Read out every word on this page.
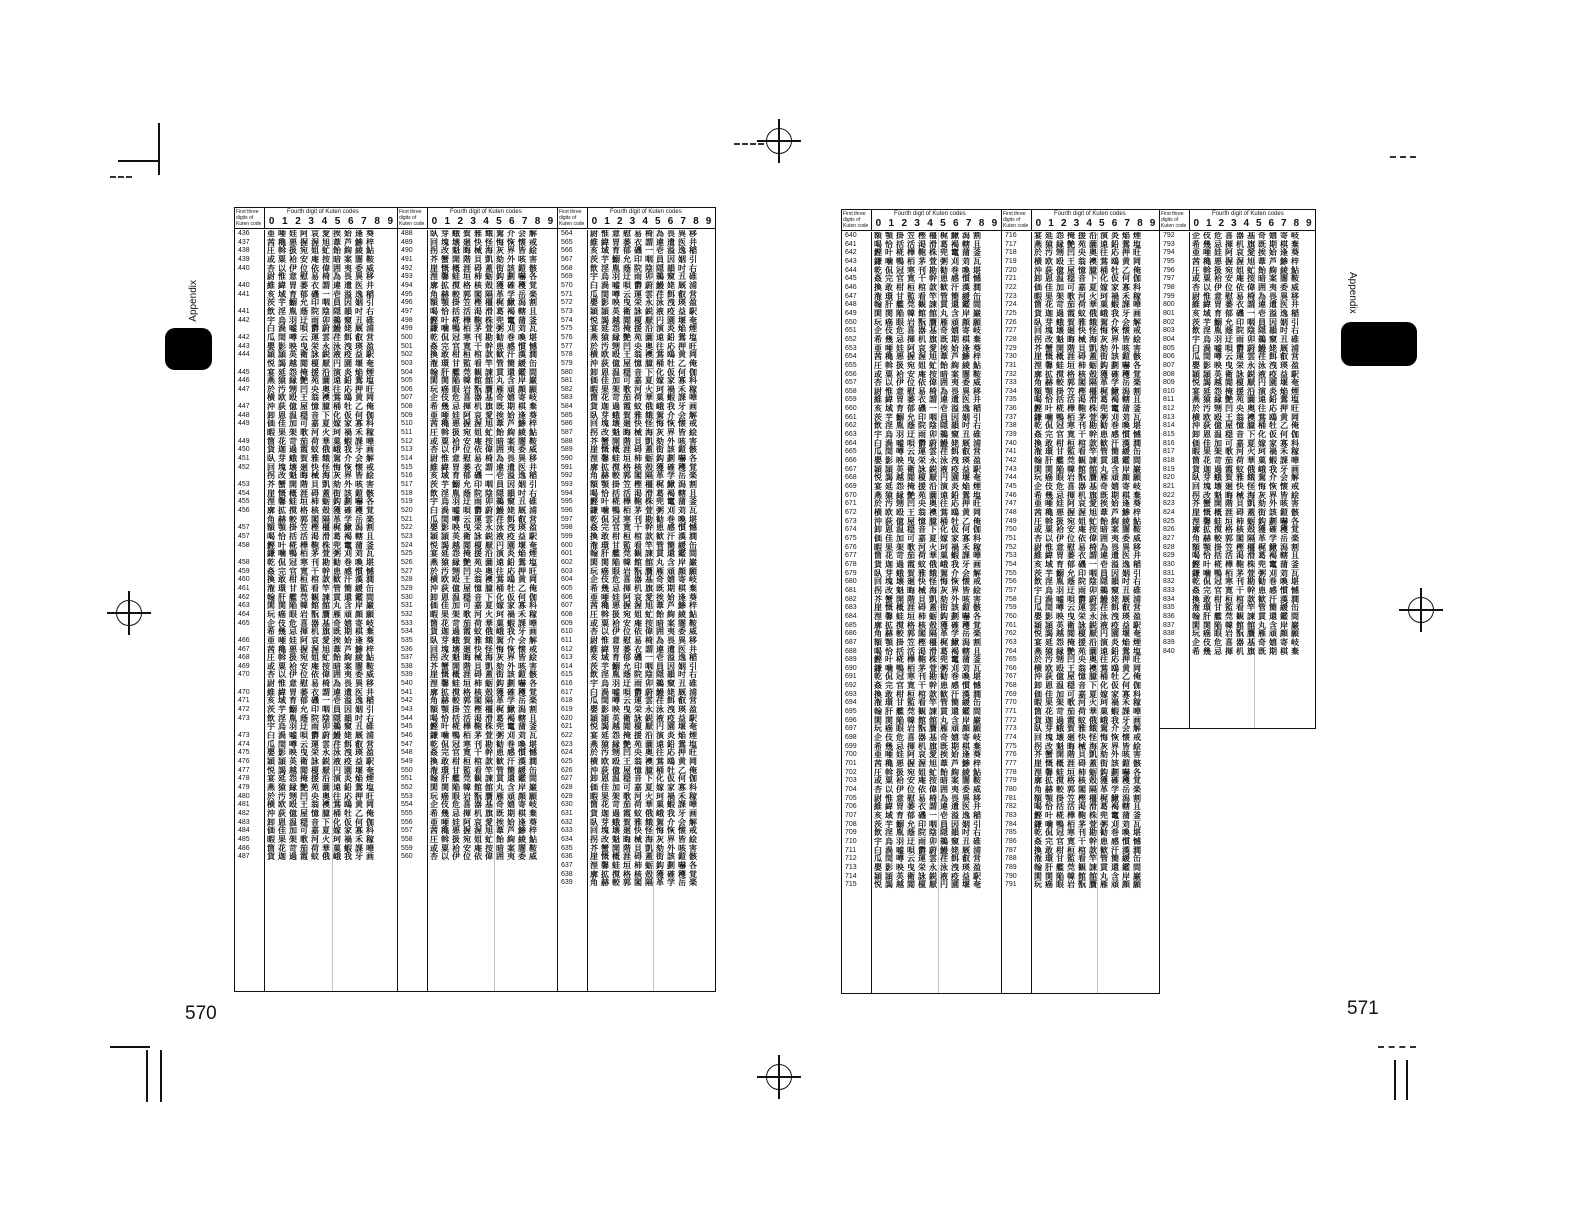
Appendix	Appendix
570	571
First three digits of Kuten code
Fourth digit of Kuten codes
0 1 2 3 4 5 6 7 8 9
436
437
438
439
440

440
441

441
442

442
443
444

445
446
447

447
448
449

449
450
451
452

453
454
455
456

457
457
458

458
459
460
461
462
463
464
465

466
467
468
469
470

470
471
472
473

473
474
475
476
477
478
479
480
481
482
483
484
485
486
487
亜唖娃阿哀愛挨姶逢葵
茜穐悪握渥旭葦芦鯵梓
圧斡扱宛姐虻飴絢綾鮎
或粟袷安庵按暗案闇鞍
杏以伊位依偉囲夷委威
尉惟意慰易椅為畏異移
維緯胃萎衣謂違遺医井
亥域育郁磯一壱溢逸稲
茨芋鰯允印咽員因姻引
飲淫胤蔭院陰隠韻吋右
宇烏羽迂雨卯鵜窺丑碓
臼渦嘘唄欝蔚鰻姥厩浦
瓜閏噂云運雲荏餌叡営
嬰影映曳栄永泳洩瑛盈
穎頴英衛詠鋭液疫益駅
悦謁越閲榎厭円園堰奄
宴延怨掩援沿演炎焔煙
燕猿縁艶苑薗遠鉛鴛塩
於汚甥凹央奥往応押旺
横欧殴王翁襖鴬鴎黄岡
沖荻億屋憶臆桶牡乙俺
卸恩温穏音下化仮何伽
価佳加可嘉夏嫁家寡科
暇果架歌河火珂禍禾稼
箇花苛茄荷華菓蝦課嘩
貨迦過霞蚊俄峨我牙画
臥芽蛾賀雅餓駕介会解
回塊壊廻快怪悔恢懐戒
拐改魁晦械海灰界皆絵
芥蟹開階貝凱劾外咳害
崖慨概涯碍蓋街該鎧骸
浬馨蛙垣柿蛎鈎劃嚇各
廓拡撹格核殻獲確穫覚
角赫較郭閣隔革学岳楽
額顎掛笠樫橿梶鰍潟割
喝恰括活渇滑葛褐轄且
鰹叶椛樺鞄株兜竃蒲釜
鎌噛鴨栢茅萱粥刈苅瓦
乾侃冠寒刊勘勧巻喚堪
姦完官寛干幹患感慣憾
換敢柑桓棺款歓汗漢澗
潅環甘監看竿管簡緩缶
翰肝艦莞観諌貫還鑑間
閑関陥韓館舘丸含岸巌
玩癌眼岩翫贋雁頑顔願
企伎危喜器基奇嬉寄岐
希幾忌揮机旗既期棋棄
亜唖娃阿哀愛挨姶逢葵
茜穐悪握渥旭葦芦鯵梓
圧斡扱宛姐虻飴絢綾鮎
或粟袷安庵按暗案闇鞍
杏以伊位依偉囲夷委威
尉惟意慰易椅為畏異移
維緯胃萎衣謂違遺医井
亥域育郁磯一壱溢逸稲
茨芋鰯允印咽員因姻引
飲淫胤蔭院陰隠韻吋右
宇烏羽迂雨卯鵜窺丑碓
臼渦嘘唄欝蔚鰻姥厩浦
瓜閏噂云運雲荏餌叡営
嬰影映曳栄永泳洩瑛盈
穎頴英衛詠鋭液疫益駅
悦謁越閲榎厭円園堰奄
宴延怨掩援沿演炎焔煙
燕猿縁艶苑薗遠鉛鴛塩
於汚甥凹央奥往応押旺
横欧殴王翁襖鴬鴎黄岡
沖荻億屋憶臆桶牡乙俺
卸恩温穏音下化仮何伽
価佳加可嘉夏嫁家寡科
暇果架歌河火珂禍禾稼
箇花苛茄荷華菓蝦課嘩
貨迦過霞蚊俄峨我牙画

First three digits of Kuten code
Fourth digit of Kuten codes
0 1 2 3 4 5 6 7 8 9
488
489
490
491
492
493
494
495
496
497
498
499
500
501
502
503
504
505
506
507
508
509
510
511
512
513
514
515
516
517
518
519
520
521
522
523
524
525
526
527
528
529
530
531
532
533
534
535
536
537
538
539
540
541
542
543
544
545
546
547
548
549
550
551
552
553
554
555
556
557
558
559
560
臥芽蛾賀雅餓駕介会解
回塊壊廻快怪悔恢懐戒
拐改魁晦械海灰界皆絵
芥蟹開階貝凱劾外咳害
崖慨概涯碍蓋街該鎧骸
浬馨蛙垣柿蛎鈎劃嚇各
廓拡撹格核殻獲確穫覚
角赫較郭閣隔革学岳楽
額顎掛笠樫橿梶鰍潟割
喝恰括活渇滑葛褐轄且
鰹叶椛樺鞄株兜竃蒲釜
鎌噛鴨栢茅萱粥刈苅瓦
乾侃冠寒刊勘勧巻喚堪
姦完官寛干幹患感慣憾
換敢柑桓棺款歓汗漢澗
潅環甘監看竿管簡緩缶
翰肝艦莞観諌貫還鑑間
閑関陥韓館舘丸含岸巌
玩癌眼岩翫贋雁頑顔願
企伎危喜器基奇嬉寄岐
希幾忌揮机旗既期棋棄
亜唖娃阿哀愛挨姶逢葵
茜穐悪握渥旭葦芦鯵梓
圧斡扱宛姐虻飴絢綾鮎
或粟袷安庵按暗案闇鞍
杏以伊位依偉囲夷委威
尉惟意慰易椅為畏異移
維緯胃萎衣謂違遺医井
亥域育郁磯一壱溢逸稲
茨芋鰯允印咽員因姻引
飲淫胤蔭院陰隠韻吋右
宇烏羽迂雨卯鵜窺丑碓
臼渦嘘唄欝蔚鰻姥厩浦
瓜閏噂云運雲荏餌叡営
嬰影映曳栄永泳洩瑛盈
穎頴英衛詠鋭液疫益駅
悦謁越閲榎厭円園堰奄
宴延怨掩援沿演炎焔煙
燕猿縁艶苑薗遠鉛鴛塩
於汚甥凹央奥往応押旺
横欧殴王翁襖鴬鴎黄岡
沖荻億屋憶臆桶牡乙俺
卸恩温穏音下化仮何伽
価佳加可嘉夏嫁家寡科
暇果架歌河火珂禍禾稼
箇花苛茄荷華菓蝦課嘩
貨迦過霞蚊俄峨我牙画
臥芽蛾賀雅餓駕介会解
回塊壊廻快怪悔恢懐戒
拐改魁晦械海灰界皆絵
芥蟹開階貝凱劾外咳害
崖慨概涯碍蓋街該鎧骸
浬馨蛙垣柿蛎鈎劃嚇各
廓拡撹格核殻獲確穫覚
角赫較郭閣隔革学岳楽
額顎掛笠樫橿梶鰍潟割
喝恰括活渇滑葛褐轄且
鰹叶椛樺鞄株兜竃蒲釜
鎌噛鴨栢茅萱粥刈苅瓦
乾侃冠寒刊勘勧巻喚堪
姦完官寛干幹患感慣憾
換敢柑桓棺款歓汗漢澗
潅環甘監看竿管簡緩缶
翰肝艦莞観諌貫還鑑間
閑関陥韓館舘丸含岸巌
玩癌眼岩翫贋雁頑顔願
企伎危喜器基奇嬉寄岐
希幾忌揮机旗既期棋棄
亜唖娃阿哀愛挨姶逢葵
茜穐悪握渥旭葦芦鯵梓
圧斡扱宛姐虻飴絢綾鮎
或粟袷安庵按暗案闇鞍
杏以伊位依偉囲夷委威

First three digits of Kuten code
Fourth digit of Kuten codes
0 1 2 3 4 5 6 7 8 9
564
565
566
567
568
569
570
571
572
573
574
575
576
577
578
579
580
581
582
583
584
585
586
587
588
589
590
591
592
593
594
595
596
597
598
599
600
601
602
603
604
605
606
607
608
609
610
611
612
613
614
615
616
617
618
619
620
621
622
623
624
625
626
627
628
629
630
631
632
633
634
635
636
637
638
639
尉惟意慰易椅為畏異移
維緯胃萎衣謂違遺医井
亥域育郁磯一壱溢逸稲
茨芋鰯允印咽員因姻引
飲淫胤蔭院陰隠韻吋右
宇烏羽迂雨卯鵜窺丑碓
臼渦嘘唄欝蔚鰻姥厩浦
瓜閏噂云運雲荏餌叡営
嬰影映曳栄永泳洩瑛盈
穎頴英衛詠鋭液疫益駅
悦謁越閲榎厭円園堰奄
宴延怨掩援沿演炎焔煙
燕猿縁艶苑薗遠鉛鴛塩
於汚甥凹央奥往応押旺
横欧殴王翁襖鴬鴎黄岡
沖荻億屋憶臆桶牡乙俺
卸恩温穏音下化仮何伽
価佳加可嘉夏嫁家寡科
暇果架歌河火珂禍禾稼
箇花苛茄荷華菓蝦課嘩
貨迦過霞蚊俄峨我牙画
臥芽蛾賀雅餓駕介会解
回塊壊廻快怪悔恢懐戒
拐改魁晦械海灰界皆絵
芥蟹開階貝凱劾外咳害
崖慨概涯碍蓋街該鎧骸
浬馨蛙垣柿蛎鈎劃嚇各
廓拡撹格核殻獲確穫覚
角赫較郭閣隔革学岳楽
額顎掛笠樫橿梶鰍潟割
喝恰括活渇滑葛褐轄且
鰹叶椛樺鞄株兜竃蒲釜
鎌噛鴨栢茅萱粥刈苅瓦
乾侃冠寒刊勘勧巻喚堪
姦完官寛干幹患感慣憾
換敢柑桓棺款歓汗漢澗
潅環甘監看竿管簡緩缶
翰肝艦莞観諌貫還鑑間
閑関陥韓館舘丸含岸巌
玩癌眼岩翫贋雁頑顔願
企伎危喜器基奇嬉寄岐
希幾忌揮机旗既期棋棄
亜唖娃阿哀愛挨姶逢葵
茜穐悪握渥旭葦芦鯵梓
圧斡扱宛姐虻飴絢綾鮎
或粟袷安庵按暗案闇鞍
杏以伊位依偉囲夷委威
尉惟意慰易椅為畏異移
維緯胃萎衣謂違遺医井
亥域育郁磯一壱溢逸稲
茨芋鰯允印咽員因姻引
飲淫胤蔭院陰隠韻吋右
宇烏羽迂雨卯鵜窺丑碓
臼渦嘘唄欝蔚鰻姥厩浦
瓜閏噂云運雲荏餌叡営
嬰影映曳栄永泳洩瑛盈
穎頴英衛詠鋭液疫益駅
悦謁越閲榎厭円園堰奄
宴延怨掩援沿演炎焔煙
燕猿縁艶苑薗遠鉛鴛塩
於汚甥凹央奥往応押旺
横欧殴王翁襖鴬鴎黄岡
沖荻億屋憶臆桶牡乙俺
卸恩温穏音下化仮何伽
価佳加可嘉夏嫁家寡科
暇果架歌河火珂禍禾稼
箇花苛茄荷華菓蝦課嘩
貨迦過霞蚊俄峨我牙画
臥芽蛾賀雅餓駕介会解
回塊壊廻快怪悔恢懐戒
拐改魁晦械海灰界皆絵
芥蟹開階貝凱劾外咳害
崖慨概涯碍蓋街該鎧骸
浬馨蛙垣柿蛎鈎劃嚇各
廓拡撹格核殻獲確穫覚
角赫較郭閣隔革学岳楽

First three digits of Kuten code
Fourth digit of Kuten codes
0 1 2 3 4 5 6 7 8 9
640
641
642
643
644
645
646
647
648
649
650
651
652
653
654
655
656
657
658
659
660
661
662
663
664
665
666
667
668
669
670
671
672
673
674
675
676
677
678
679
680
681
682
683
684
685
686
687
688
689
690
691
692
693
694
695
696
697
698
699
700
701
702
703
704
705
706
707
708
709
710
711
712
713
714
715
額顎掛笠樫橿梶鰍潟割
喝恰括活渇滑葛褐轄且
鰹叶椛樺鞄株兜竃蒲釜
鎌噛鴨栢茅萱粥刈苅瓦
乾侃冠寒刊勘勧巻喚堪
姦完官寛干幹患感慣憾
換敢柑桓棺款歓汗漢澗
潅環甘監看竿管簡緩缶
翰肝艦莞観諌貫還鑑間
閑関陥韓館舘丸含岸巌
玩癌眼岩翫贋雁頑顔願
企伎危喜器基奇嬉寄岐
希幾忌揮机旗既期棋棄
亜唖娃阿哀愛挨姶逢葵
茜穐悪握渥旭葦芦鯵梓
圧斡扱宛姐虻飴絢綾鮎
或粟袷安庵按暗案闇鞍
杏以伊位依偉囲夷委威
尉惟意慰易椅為畏異移
維緯胃萎衣謂違遺医井
亥域育郁磯一壱溢逸稲
茨芋鰯允印咽員因姻引
飲淫胤蔭院陰隠韻吋右
宇烏羽迂雨卯鵜窺丑碓
臼渦嘘唄欝蔚鰻姥厩浦
瓜閏噂云運雲荏餌叡営
嬰影映曳栄永泳洩瑛盈
穎頴英衛詠鋭液疫益駅
悦謁越閲榎厭円園堰奄
宴延怨掩援沿演炎焔煙
燕猿縁艶苑薗遠鉛鴛塩
於汚甥凹央奥往応押旺
横欧殴王翁襖鴬鴎黄岡
沖荻億屋憶臆桶牡乙俺
卸恩温穏音下化仮何伽
価佳加可嘉夏嫁家寡科
暇果架歌河火珂禍禾稼
箇花苛茄荷華菓蝦課嘩
貨迦過霞蚊俄峨我牙画
臥芽蛾賀雅餓駕介会解
回塊壊廻快怪悔恢懐戒
拐改魁晦械海灰界皆絵
芥蟹開階貝凱劾外咳害
崖慨概涯碍蓋街該鎧骸
浬馨蛙垣柿蛎鈎劃嚇各
廓拡撹格核殻獲確穫覚
角赫較郭閣隔革学岳楽
額顎掛笠樫橿梶鰍潟割
喝恰括活渇滑葛褐轄且
鰹叶椛樺鞄株兜竃蒲釜
鎌噛鴨栢茅萱粥刈苅瓦
乾侃冠寒刊勘勧巻喚堪
姦完官寛干幹患感慣憾
換敢柑桓棺款歓汗漢澗
潅環甘監看竿管簡緩缶
翰肝艦莞観諌貫還鑑間
閑関陥韓館舘丸含岸巌
玩癌眼岩翫贋雁頑顔願
企伎危喜器基奇嬉寄岐
希幾忌揮机旗既期棋棄
亜唖娃阿哀愛挨姶逢葵
茜穐悪握渥旭葦芦鯵梓
圧斡扱宛姐虻飴絢綾鮎
或粟袷安庵按暗案闇鞍
杏以伊位依偉囲夷委威
尉惟意慰易椅為畏異移
維緯胃萎衣謂違遺医井
亥域育郁磯一壱溢逸稲
茨芋鰯允印咽員因姻引
飲淫胤蔭院陰隠韻吋右
宇烏羽迂雨卯鵜窺丑碓
臼渦嘘唄欝蔚鰻姥厩浦
瓜閏噂云運雲荏餌叡営
嬰影映曳栄永泳洩瑛盈
穎頴英衛詠鋭液疫益駅
悦謁越閲榎厭円園堰奄

First three digits of Kuten code
Fourth digit of Kuten codes
0 1 2 3 4 5 6 7 8 9
716
717
718
719
720
721
722
723
724
725
726
727
728
729
730
731
732
733
734
735
736
737
738
739
740
741
742
743
744
745
746
747
748
749
750
751
752
753
754
755
756
757
758
759
760
761
762
763
764
765
766
767
768
769
770
771
772
773
774
775
776
777
778
779
780
781
782
783
784
785
786
787
788
789
790
791
宴延怨掩援沿演炎焔煙
燕猿縁艶苑薗遠鉛鴛塩
於汚甥凹央奥往応押旺
横欧殴王翁襖鴬鴎黄岡
沖荻億屋憶臆桶牡乙俺
卸恩温穏音下化仮何伽
価佳加可嘉夏嫁家寡科
暇果架歌河火珂禍禾稼
箇花苛茄荷華菓蝦課嘩
貨迦過霞蚊俄峨我牙画
臥芽蛾賀雅餓駕介会解
回塊壊廻快怪悔恢懐戒
拐改魁晦械海灰界皆絵
芥蟹開階貝凱劾外咳害
崖慨概涯碍蓋街該鎧骸
浬馨蛙垣柿蛎鈎劃嚇各
廓拡撹格核殻獲確穫覚
角赫較郭閣隔革学岳楽
額顎掛笠樫橿梶鰍潟割
喝恰括活渇滑葛褐轄且
鰹叶椛樺鞄株兜竃蒲釜
鎌噛鴨栢茅萱粥刈苅瓦
乾侃冠寒刊勘勧巻喚堪
姦完官寛干幹患感慣憾
換敢柑桓棺款歓汗漢澗
潅環甘監看竿管簡緩缶
翰肝艦莞観諌貫還鑑間
閑関陥韓館舘丸含岸巌
玩癌眼岩翫贋雁頑顔願
企伎危喜器基奇嬉寄岐
希幾忌揮机旗既期棋棄
亜唖娃阿哀愛挨姶逢葵
茜穐悪握渥旭葦芦鯵梓
圧斡扱宛姐虻飴絢綾鮎
或粟袷安庵按暗案闇鞍
杏以伊位依偉囲夷委威
尉惟意慰易椅為畏異移
維緯胃萎衣謂違遺医井
亥域育郁磯一壱溢逸稲
茨芋鰯允印咽員因姻引
飲淫胤蔭院陰隠韻吋右
宇烏羽迂雨卯鵜窺丑碓
臼渦嘘唄欝蔚鰻姥厩浦
瓜閏噂云運雲荏餌叡営
嬰影映曳栄永泳洩瑛盈
穎頴英衛詠鋭液疫益駅
悦謁越閲榎厭円園堰奄
宴延怨掩援沿演炎焔煙
燕猿縁艶苑薗遠鉛鴛塩
於汚甥凹央奥往応押旺
横欧殴王翁襖鴬鴎黄岡
沖荻億屋憶臆桶牡乙俺
卸恩温穏音下化仮何伽
価佳加可嘉夏嫁家寡科
暇果架歌河火珂禍禾稼
箇花苛茄荷華菓蝦課嘩
貨迦過霞蚊俄峨我牙画
臥芽蛾賀雅餓駕介会解
回塊壊廻快怪悔恢懐戒
拐改魁晦械海灰界皆絵
芥蟹開階貝凱劾外咳害
崖慨概涯碍蓋街該鎧骸
浬馨蛙垣柿蛎鈎劃嚇各
廓拡撹格核殻獲確穫覚
角赫較郭閣隔革学岳楽
額顎掛笠樫橿梶鰍潟割
喝恰括活渇滑葛褐轄且
鰹叶椛樺鞄株兜竃蒲釜
鎌噛鴨栢茅萱粥刈苅瓦
乾侃冠寒刊勘勧巻喚堪
姦完官寛干幹患感慣憾
換敢柑桓棺款歓汗漢澗
潅環甘監看竿管簡緩缶
翰肝艦莞観諌貫還鑑間
閑関陥韓館舘丸含岸巌
玩癌眼岩翫贋雁頑顔願

First three digits of Kuten code
Fourth digit of Kuten codes
0 1 2 3 4 5 6 7 8 9
792
793
794
795
796
797
798
799
800
801
802
803
804
805
806
807
808
809
810
811
812
813
814
815
816
817
818
819
820
821
822
823
824
825
826
827
828
829
830
831
832
833
834
835
836
837
838
839
840
企伎危喜器基奇嬉寄岐
希幾忌揮机旗既期棋棄
亜唖娃阿哀愛挨姶逢葵
茜穐悪握渥旭葦芦鯵梓
圧斡扱宛姐虻飴絢綾鮎
或粟袷安庵按暗案闇鞍
杏以伊位依偉囲夷委威
尉惟意慰易椅為畏異移
維緯胃萎衣謂違遺医井
亥域育郁磯一壱溢逸稲
茨芋鰯允印咽員因姻引
飲淫胤蔭院陰隠韻吋右
宇烏羽迂雨卯鵜窺丑碓
臼渦嘘唄欝蔚鰻姥厩浦
瓜閏噂云運雲荏餌叡営
嬰影映曳栄永泳洩瑛盈
穎頴英衛詠鋭液疫益駅
悦謁越閲榎厭円園堰奄
宴延怨掩援沿演炎焔煙
燕猿縁艶苑薗遠鉛鴛塩
於汚甥凹央奥往応押旺
横欧殴王翁襖鴬鴎黄岡
沖荻億屋憶臆桶牡乙俺
卸恩温穏音下化仮何伽
価佳加可嘉夏嫁家寡科
暇果架歌河火珂禍禾稼
箇花苛茄荷華菓蝦課嘩
貨迦過霞蚊俄峨我牙画
臥芽蛾賀雅餓駕介会解
回塊壊廻快怪悔恢懐戒
拐改魁晦械海灰界皆絵
芥蟹開階貝凱劾外咳害
崖慨概涯碍蓋街該鎧骸
浬馨蛙垣柿蛎鈎劃嚇各
廓拡撹格核殻獲確穫覚
角赫較郭閣隔革学岳楽
額顎掛笠樫橿梶鰍潟割
喝恰括活渇滑葛褐轄且
鰹叶椛樺鞄株兜竃蒲釜
鎌噛鴨栢茅萱粥刈苅瓦
乾侃冠寒刊勘勧巻喚堪
姦完官寛干幹患感慣憾
換敢柑桓棺款歓汗漢澗
潅環甘監看竿管簡緩缶
翰肝艦莞観諌貫還鑑間
閑関陥韓館舘丸含岸巌
玩癌眼岩翫贋雁頑顔願
企伎危喜器基奇嬉寄岐
希幾忌揮机旗既期棋棄
